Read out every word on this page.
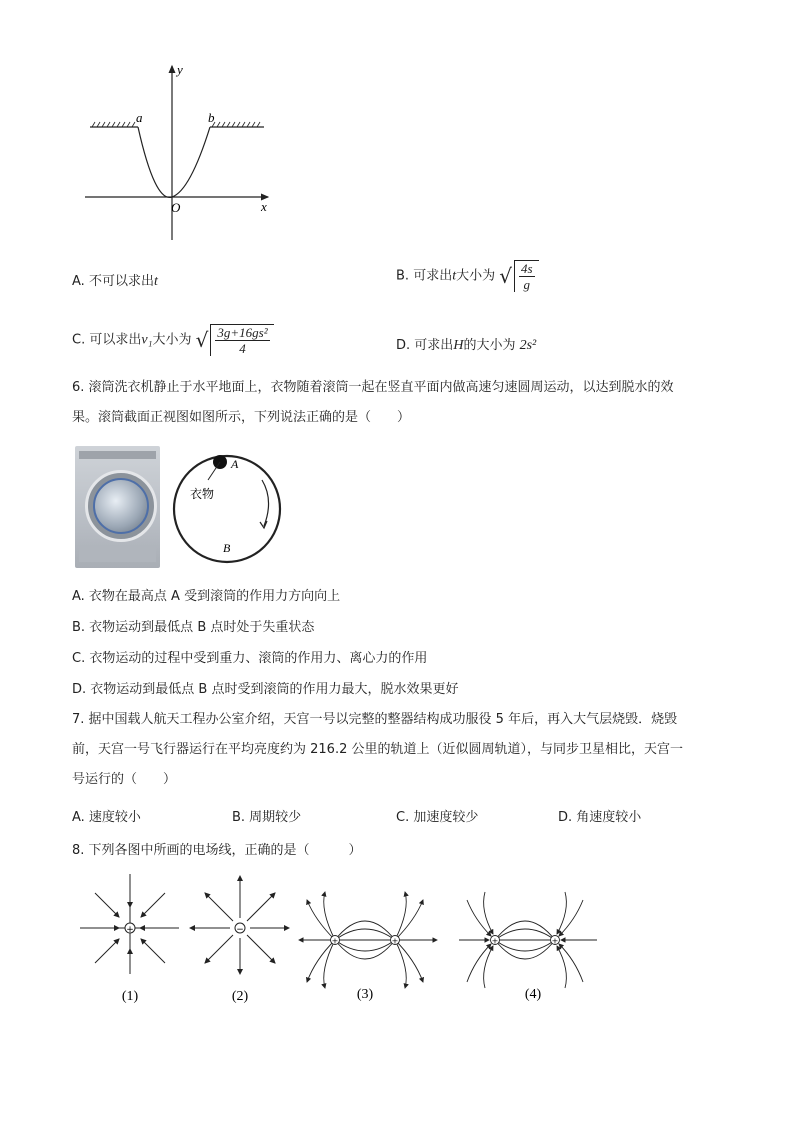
y
x
O
a	b
A. 不可以求出t	B. 可求出t大小为 √ $\frac{4s}{g}$
C. 可以求出v₁大小为 √ $\frac{\text{3g+16gs²}}{4}$	D. 可求出H的大小为 2s²
6. 滚筒洗衣机静止于水平地面上，衣物随着滚筒一起在竖直平面内做高速匀速圆周运动，以达到脱水的效
果。滚筒截面正视图如图所示，下列说法正确的是（　　）
A
B
衣物
A. 衣物在最高点 A 受到滚筒的作用力方向向上
B. 衣物运动到最低点 B 点时处于失重状态
C. 衣物运动的过程中受到重力、滚筒的作用力、离心力的作用
D. 衣物运动到最低点 B 点时受到滚筒的作用力最大，脱水效果更好
7. 据中国载人航天工程办公室介绍，天宫一号以完整的整器结构成功服役 5 年后，再入大气层烧毁．烧毁
前，天宫一号飞行器运行在平均亮度约为 216.2 公里的轨道上（近似圆周轨道），与同步卫星相比，天宫一
号运行的（　　）
A. 速度较小	B. 周期较少	C. 加速度较少	D. 角速度较小
8. 下列各图中所画的电场线，正确的是（　　　）
+	−
+	+	+	+
(1)	(2)	(3)	(4)
